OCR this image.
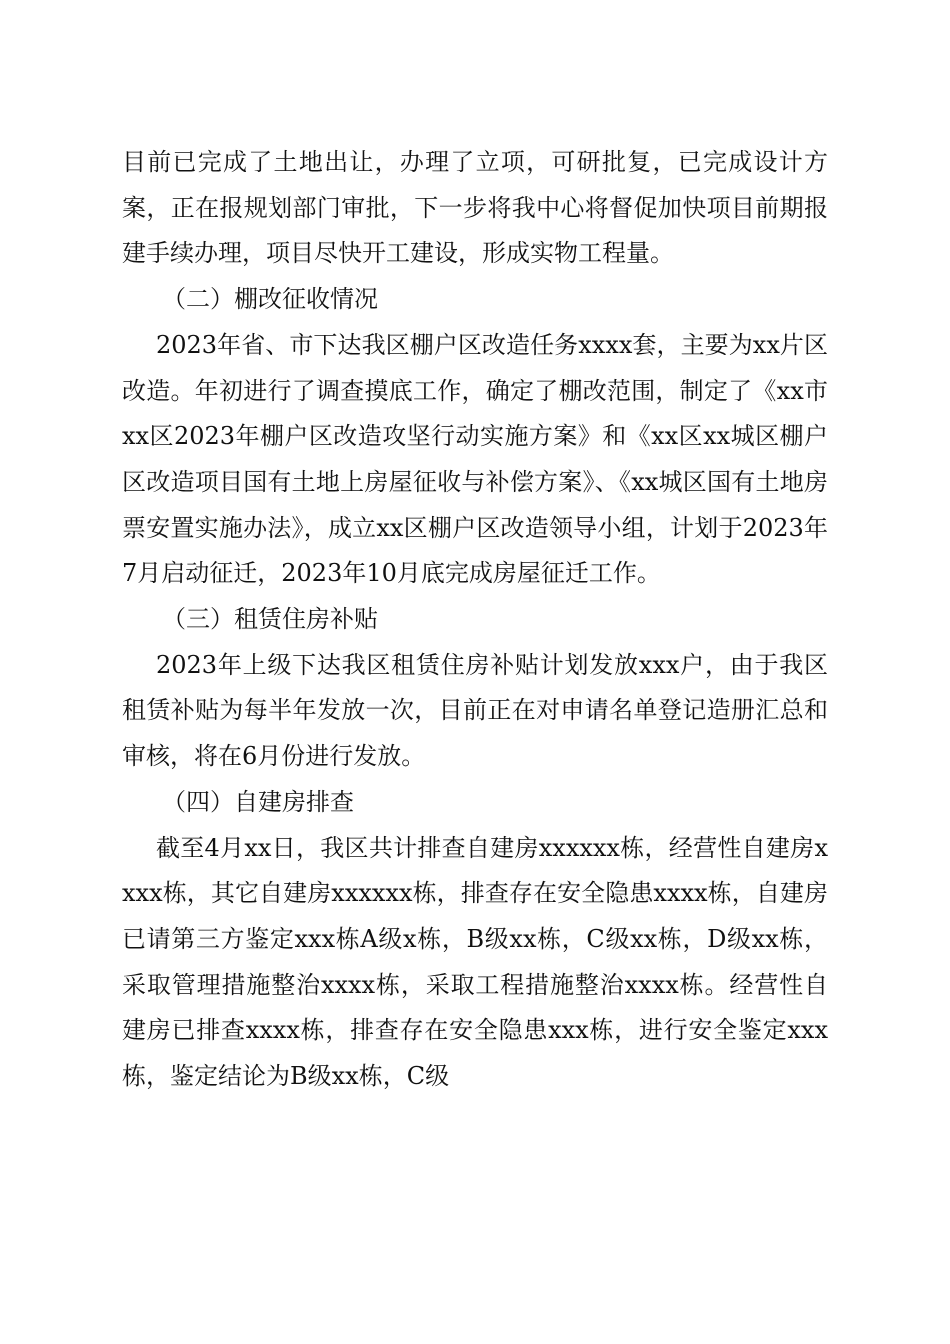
目前已完成了土地出让，办理了立项，可研批复，已完成设计方案，正在报规划部门审批，下一步将我中心将督促加快项目前期报建手续办理，项目尽快开工建设，形成实物工程量。

（二）棚改征收情况

2023年省、市下达我区棚户区改造任务xxxx套，主要为xx片区改造。年初进行了调查摸底工作，确定了棚改范围，制定了《xx市xx区2023年棚户区改造攻坚行动实施方案》和《xx区xx城区棚户区改造项目国有土地上房屋征收与补偿方案》、《xx城区国有土地房票安置实施办法》，成立xx区棚户区改造领导小组，计划于2023年7月启动征迁，2023年10月底完成房屋征迁工作。

（三）租赁住房补贴

2023年上级下达我区租赁住房补贴计划发放xxx户，由于我区租赁补贴为每半年发放一次，目前正在对申请名单登记造册汇总和审核，将在6月份进行发放。

（四）自建房排查

截至4月xx日，我区共计排查自建房xxxxxx栋，经营性自建房xxxx栋，其它自建房xxxxxx栋，排查存在安全隐患xxxx栋，自建房已请第三方鉴定xxx栋A级x栋，B级xx栋，C级xx栋，D级xx栋，采取管理措施整治xxxx栋，采取工程措施整治xxxx栋。经营性自建房已排查xxxx栋，排查存在安全隐患xxx栋，进行安全鉴定xxx栋，鉴定结论为B级xx栋，C级
